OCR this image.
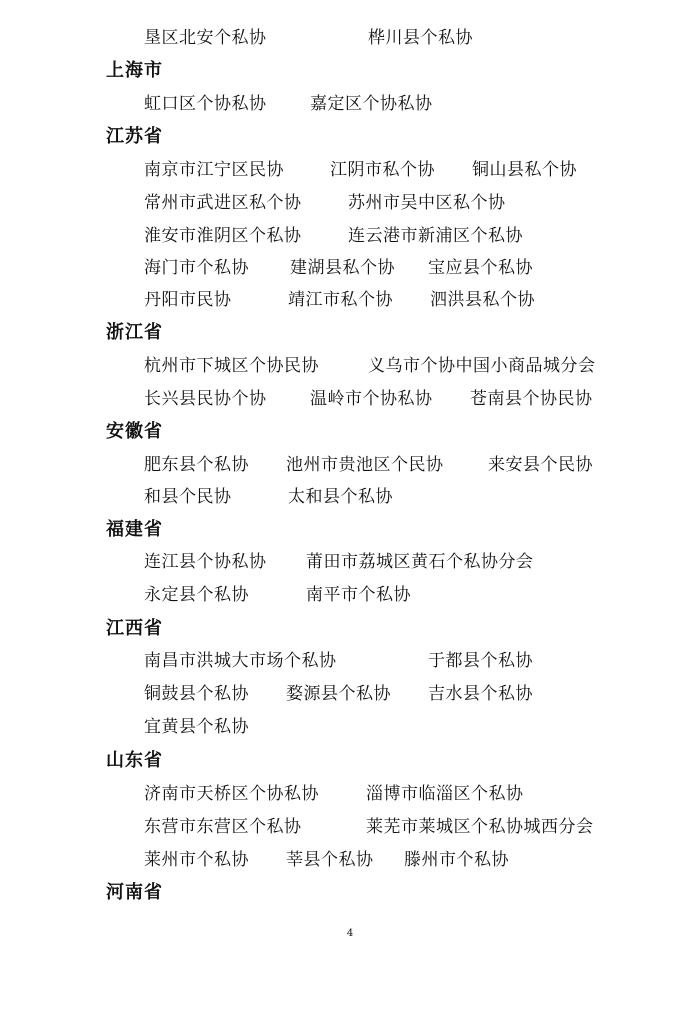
垦区北安个私协	桦川县个私协
上海市
虹口区个协私协	嘉定区个协私协
江苏省
南京市江宁区民协	江阴市私个协 铜山县私个协
常州市武进区私个协	苏州市吴中区私个协
淮安市淮阴区个私协	连云港市新浦区个私协
海门市个私协 建湖县私个协 宝应县个私协
丹阳市民协	靖江市私个协 泗洪县私个协
浙江省
杭州市下城区个协民协	义乌市个协中国小商品城分会
长兴县民协个协	温岭市个协私协 苍南县个协民协
安徽省
肥东县个私协 池州市贵池区个民协	来安县个民协
和县个民协	太和县个私协
福建省
连江县个协私协 莆田市荔城区黄石个私协分会
永定县个私协	南平市个私协
江西省
南昌市洪城大市场个私协	于都县个私协
铜鼓县个私协 婺源县个私协 吉水县个私协
宜黄县个私协
山东省
济南市天桥区个协私协	淄博市临淄区个私协
东营市东营区个私协	莱芜市莱城区个私协城西分会
莱州市个私协 莘县个私协 滕州市个私协
河南省
4
